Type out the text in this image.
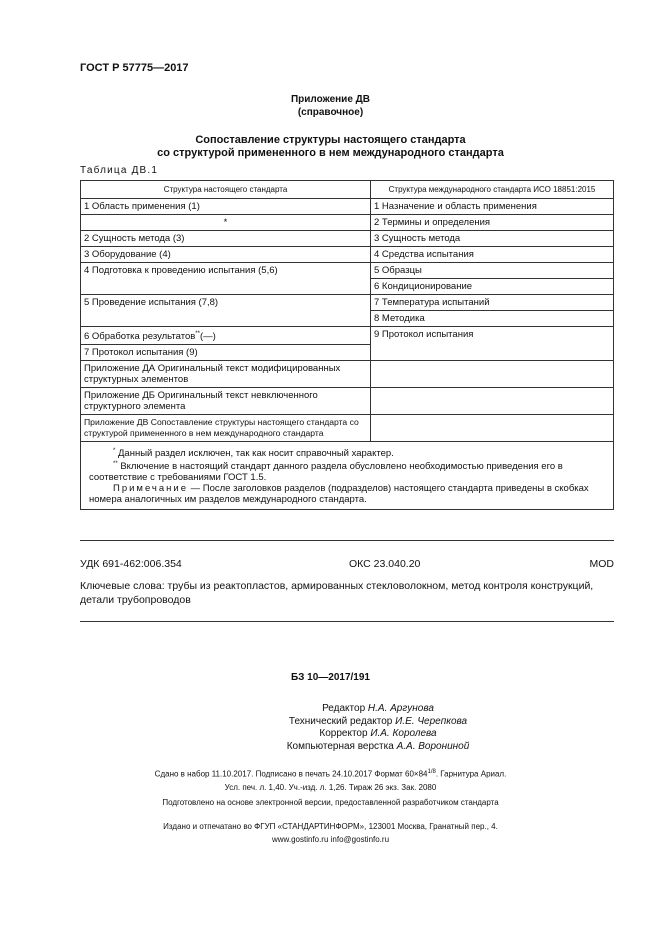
ГОСТ Р 57775—2017
Приложение ДВ
(справочное)
Сопоставление структуры настоящего стандарта
со структурой примененного в нем международного стандарта
Таблица ДВ.1
Структура настоящего стандарта	Структура международного стандарта ИСО 18851:2015
1 Область применения (1)	1 Назначение и область применения
*	2 Термины и определения
2 Сущность метода (3)	3 Сущность метода
3 Оборудование (4)	4 Средства испытания
4 Подготовка к проведению испытания (5,6)	5 Образцы
	6 Кондиционирование
5 Проведение испытания (7,8)	7 Температура испытаний
	8 Методика
6 Обработка результатов**(—)	9 Протокол испытания
7 Протокол испытания (9)	
Приложение ДА Оригинальный текст модифицированных структурных элементов	
Приложение ДБ Оригинальный текст невключенного структурного элемента	
Приложение ДВ Сопоставление структуры настоящего стандарта со структурой примененного в нем международного стандарта	

* Данный раздел исключен, так как носит справочный характер.

** Включение в настоящий стандарт данного раздела обусловлено необходимостью приведения его в соответствие с требованиями ГОСТ 1.5.

Примечание — После заголовков разделов (подразделов) настоящего стандарта приведены в скобках номера аналогичных им разделов международного стандарта.	

УДК 691-462:006.354	ОКС 23.040.20	MOD
Ключевые слова: трубы из реактопластов, армированных стекловолокном, метод контроля конструкций, детали трубопроводов
БЗ 10—2017/191
Редактор Н.А. Аргунова
Технический редактор И.Е. Черепкова
Корректор И.А. Королева
Компьютерная верстка А.А. Ворониной
Сдано в набор 11.10.2017. Подписано в печать 24.10.2017 Формат $60\times 84^{1/8}$. Гарнитура Ариал.
Усл. печ. л. 1,40. Уч.-изд. л. 1,26. Тираж 26 экз. Зак. 2080
Подготовлено на основе электронной версии, предоставленной разработчиком стандарта
Издано и отпечатано во ФГУП «СТАНДАРТИНФОРМ», 123001 Москва, Гранатный пер., 4.
www.gostinfo.ru info@gostinfo.ru
